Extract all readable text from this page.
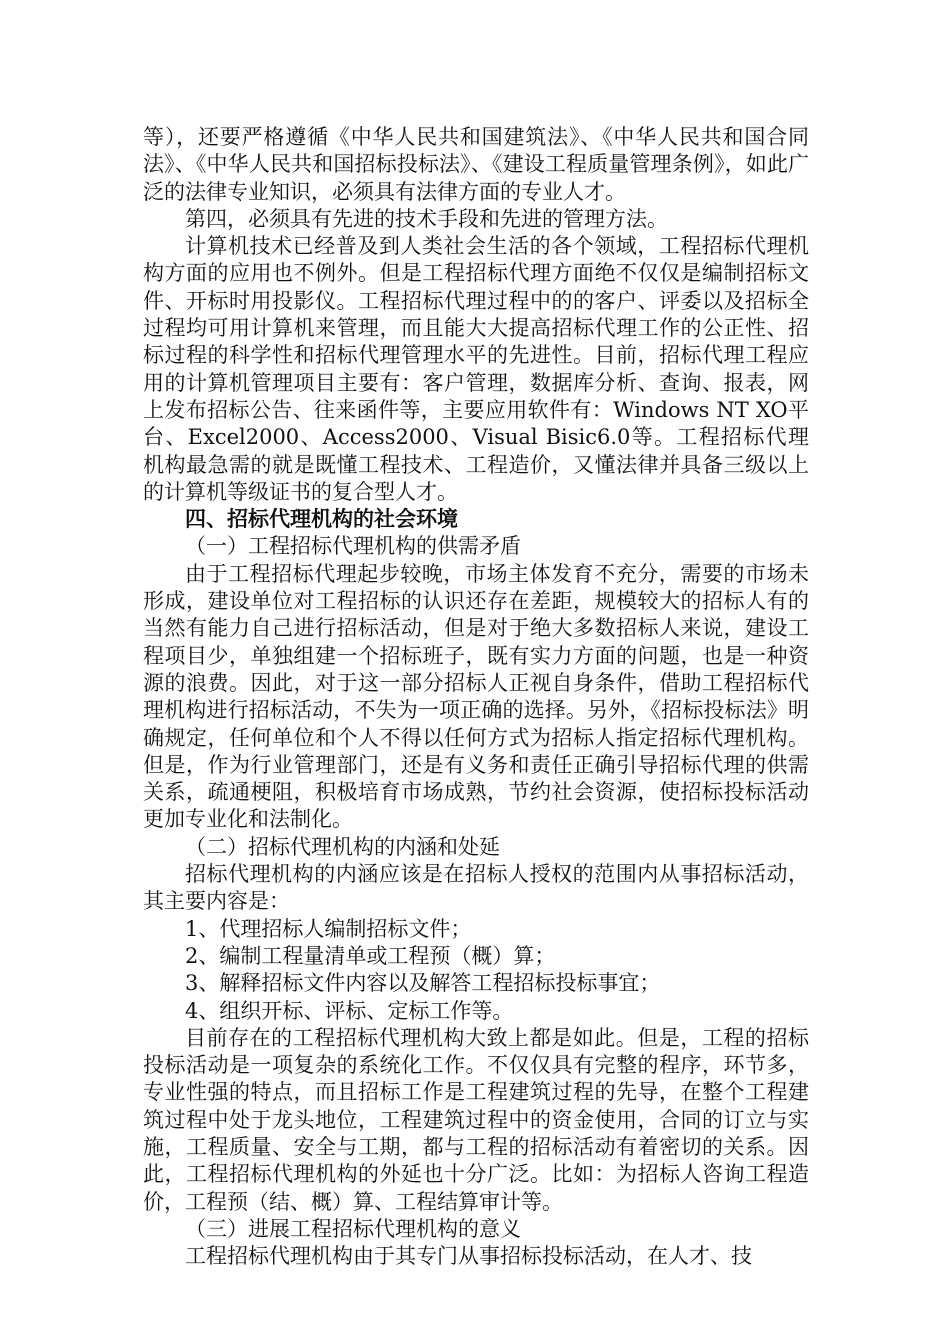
等），还要严格遵循《中华人民共和国建筑法》、《中华人民共和国合同法》、《中华人民共和国招标投标法》、《建设工程质量管理条例》，如此广泛的法律专业知识，必须具有法律方面的专业人才。

第四，必须具有先进的技术手段和先进的管理方法。

计算机技术已经普及到人类社会生活的各个领域，工程招标代理机构方面的应用也不例外。但是工程招标代理方面绝不仅仅是编制招标文件、开标时用投影仪。工程招标代理过程中的的客户、评委以及招标全过程均可用计算机来管理，而且能大大提高招标代理工作的公正性、招标过程的科学性和招标代理管理水平的先进性。目前，招标代理工程应用的计算机管理项目主要有：客户管理，数据库分析、查询、报表，网上发布招标公告、往来函件等，主要应用软件有：Windows NT XO平台、Excel2000、Access2000、Visual Bisic6.0等。工程招标代理机构最急需的就是既懂工程技术、工程造价，又懂法律并具备三级以上的计算机等级证书的复合型人才。

四、招标代理机构的社会环境

（一）工程招标代理机构的供需矛盾

由于工程招标代理起步较晚，市场主体发育不充分，需要的市场未形成，建设单位对工程招标的认识还存在差距，规模较大的招标人有的当然有能力自己进行招标活动，但是对于绝大多数招标人来说，建设工程项目少，单独组建一个招标班子，既有实力方面的问题，也是一种资源的浪费。因此，对于这一部分招标人正视自身条件，借助工程招标代理机构进行招标活动，不失为一项正确的选择。另外，《招标投标法》明确规定，任何单位和个人不得以任何方式为招标人指定招标代理机构。但是，作为行业管理部门，还是有义务和责任正确引导招标代理的供需关系，疏通梗阻，积极培育市场成熟，节约社会资源，使招标投标活动更加专业化和法制化。

（二）招标代理机构的内涵和处延

招标代理机构的内涵应该是在招标人授权的范围内从事招标活动，其主要内容是：

1、代理招标人编制招标文件；

2、编制工程量清单或工程预（概）算；

3、解释招标文件内容以及解答工程招标投标事宜；

4、组织开标、评标、定标工作等。

目前存在的工程招标代理机构大致上都是如此。但是，工程的招标投标活动是一项复杂的系统化工作。不仅仅具有完整的程序，环节多，专业性强的特点，而且招标工作是工程建筑过程的先导，在整个工程建筑过程中处于龙头地位，工程建筑过程中的资金使用，合同的订立与实施，工程质量、安全与工期，都与工程的招标活动有着密切的关系。因此，工程招标代理机构的外延也十分广泛。比如：为招标人咨询工程造价，工程预（结、概）算、工程结算审计等。

（三）进展工程招标代理机构的意义

工程招标代理机构由于其专门从事招标投标活动，在人才、技
